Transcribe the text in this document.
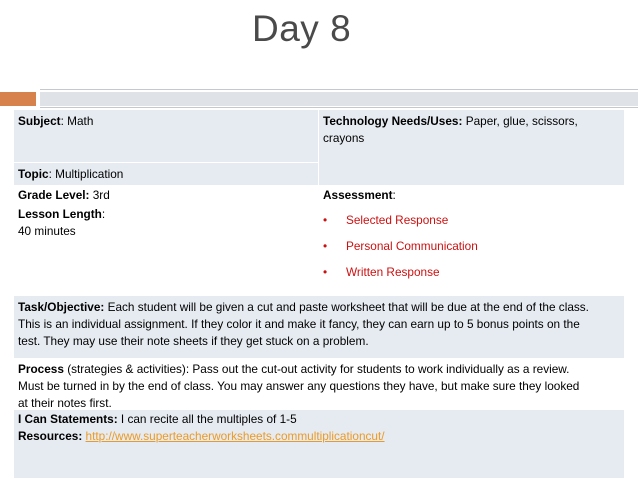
Day 8
Subject: Math
Topic: Multiplication
Technology Needs/Uses: Paper, glue, scissors,
crayons
Grade Level: 3rd
Lesson Length:
40 minutes
Assessment:
• Selected Response
• Personal Communication
• Written Response
Task/Objective: Each student will be given a cut and paste worksheet that will be due at the end of the class.
This is an individual assignment. If they color it and make it fancy, they can earn up to 5 bonus points on the
test. They may use their note sheets if they get stuck on a problem.
Process (strategies & activities): Pass out the cut-out activity for students to work individually as a review.
Must be turned in by the end of class. You may answer any questions they have, but make sure they looked
at their notes first.
I Can Statements: I can recite all the multiples of 1-5
Resources: http://www.superteacherworksheets.commultiplicationcut/
